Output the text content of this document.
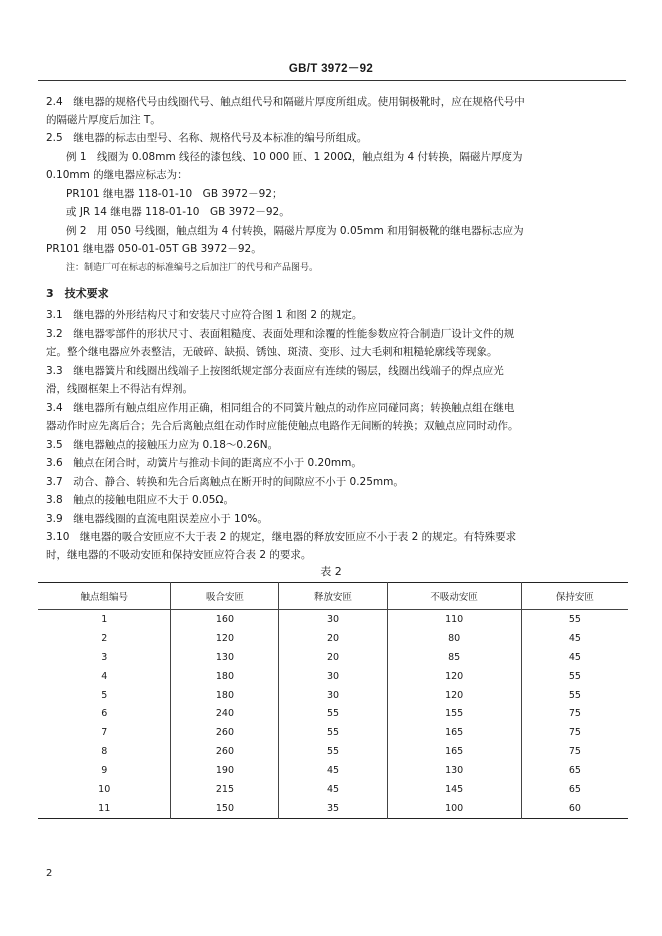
GB/T 3972－92
2.4　继电器的规格代号由线圈代号、触点组代号和隔磁片厚度所组成。使用铜极靴时，应在规格代号中
的隔磁片厚度后加注 T。
2.5　继电器的标志由型号、名称、规格代号及本标准的编号所组成。
例 1　线圈为 0.08mm 线径的漆包线、10 000 匝、1 200Ω，触点组为 4 付转换，隔磁片厚度为
0.10mm 的继电器应标志为：
PR101 继电器 118-01-10　GB 3972－92；
或 JR 14 继电器 118-01-10　GB 3972－92。
例 2　用 050 号线圈，触点组为 4 付转换，隔磁片厚度为 0.05mm 和用铜极靴的继电器标志应为
PR101 继电器 050-01-05T GB 3972－92。
注：制造厂可在标志的标准编号之后加注厂的代号和产品图号。
3　技术要求
3.1　继电器的外形结构尺寸和安装尺寸应符合图 1 和图 2 的规定。
3.2　继电器零部件的形状尺寸、表面粗糙度、表面处理和涂覆的性能参数应符合制造厂设计文件的规
定。整个继电器应外表整洁，无破碎、缺损、锈蚀、斑渍、变形、过大毛刺和粗糙轮廓线等现象。
3.3　继电器簧片和线圈出线端子上按图纸规定部分表面应有连续的锡层，线圈出线端子的焊点应光
滑，线圈框架上不得沾有焊剂。
3.4　继电器所有触点组应作用正确，相同组合的不同簧片触点的动作应同碰同离；转换触点组在继电
器动作时应先离后合；先合后离触点组在动作时应能使触点电路作无间断的转换；双触点应同时动作。
3.5　继电器触点的接触压力应为 0.18～0.26N。
3.6　触点在闭合时，动簧片与推动卡间的距离应不小于 0.20mm。
3.7　动合、静合、转换和先合后离触点在断开时的间隙应不小于 0.25mm。
3.8　触点的接触电阻应不大于 0.05Ω。
3.9　继电器线圈的直流电阻误差应小于 10%。
3.10　继电器的吸合安匝应不大于表 2 的规定，继电器的释放安匝应不小于表 2 的规定。有特殊要求
时，继电器的不吸动安匝和保持安匝应符合表 2 的要求。
表 2
触点组编号	吸合安匝	释放安匝	不吸动安匝	保持安匝
1	160	30	110	55
2	120	20	80	45
3	130	20	85	45
4	180	30	120	55
5	180	30	120	55
6	240	55	155	75
7	260	55	165	75
8	260	55	165	75
9	190	45	130	65
10	215	45	145	65
11	150	35	100	60
2
